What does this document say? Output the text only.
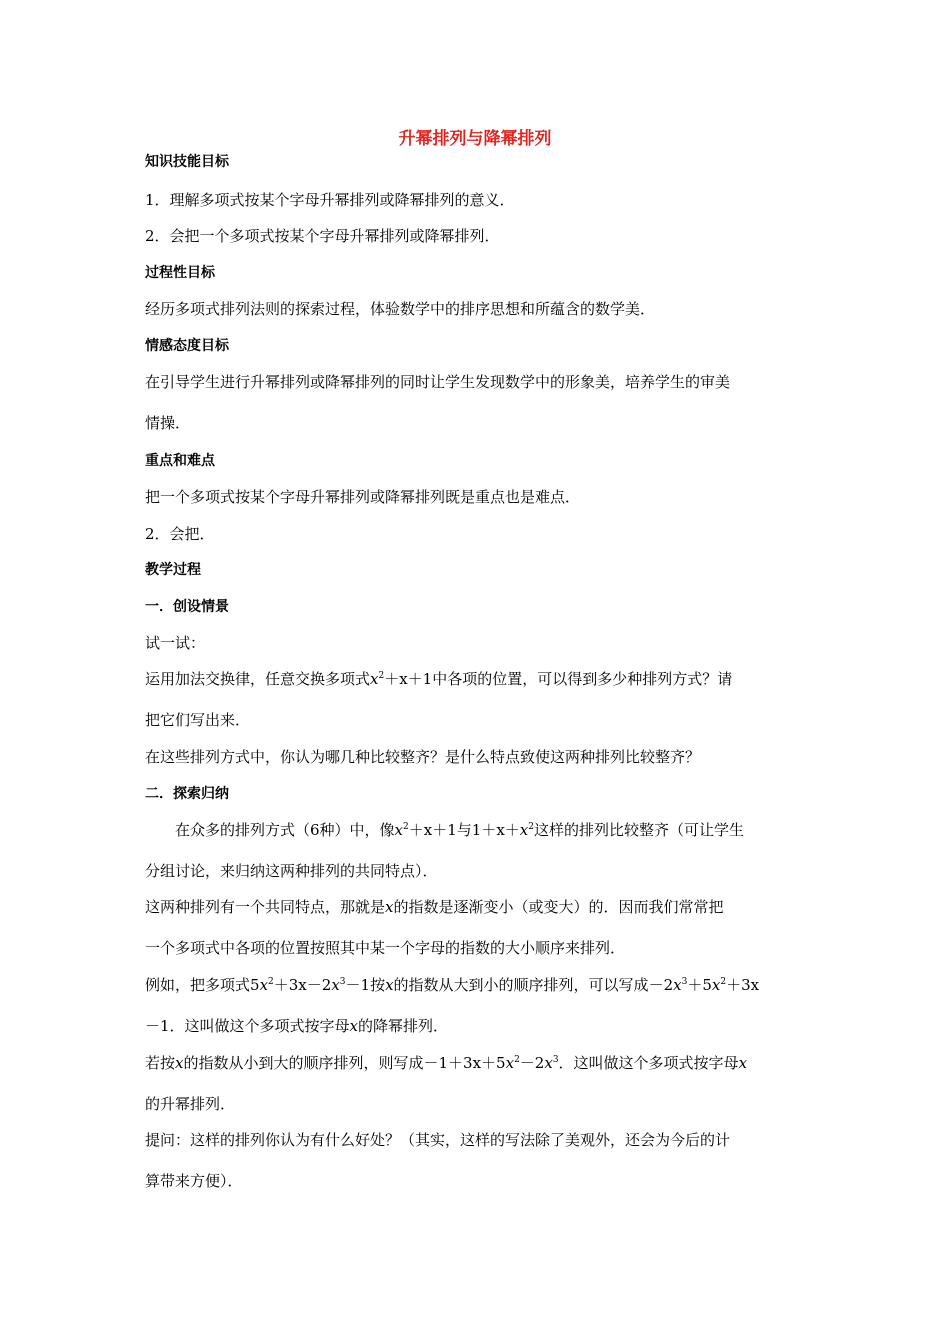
升幂排列与降幂排列
知识技能目标
1．理解多项式按某个字母升幂排列或降幂排列的意义．
2．会把一个多项式按某个字母升幂排列或降幂排列．
过程性目标
经历多项式排列法则的探索过程，体验数学中的排序思想和所蕴含的数学美．
情感态度目标
在引导学生进行升幂排列或降幂排列的同时让学生发现数学中的形象美，培养学生的审美
情操．
重点和难点
把一个多项式按某个字母升幂排列或降幂排列既是重点也是难点．
2．会把．
教学过程
一．创设情景
试一试：
运用加法交换律，任意交换多项式$x^2+x+1$中各项的位置，可以得到多少种排列方式？请
把它们写出来．
在这些排列方式中，你认为哪几种比较整齐？是什么特点致使这两种排列比较整齐？
二．探索归纳
在众多的排列方式（6种）中，像$x^2+x+1$与$1+x+x^2$这样的排列比较整齐（可让学生
分组讨论，来归纳这两种排列的共同特点）．
这两种排列有一个共同特点，那就是x的指数是逐渐变小（或变大）的．因而我们常常把
一个多项式中各项的位置按照其中某一个字母的指数的大小顺序来排列．
例如，把多项式$5x^2+3x-2x^3-1$按x的指数从大到小的顺序排列，可以写成$-2x^3+5x^2+3x$
－1．这叫做这个多项式按字母x的降幂排列．
若按x的指数从小到大的顺序排列，则写成$-1+3x+5x^2-2x^3$．这叫做这个多项式按字母x
的升幂排列．
提问：这样的排列你认为有什么好处？（其实，这样的写法除了美观外，还会为今后的计
算带来方便）．
